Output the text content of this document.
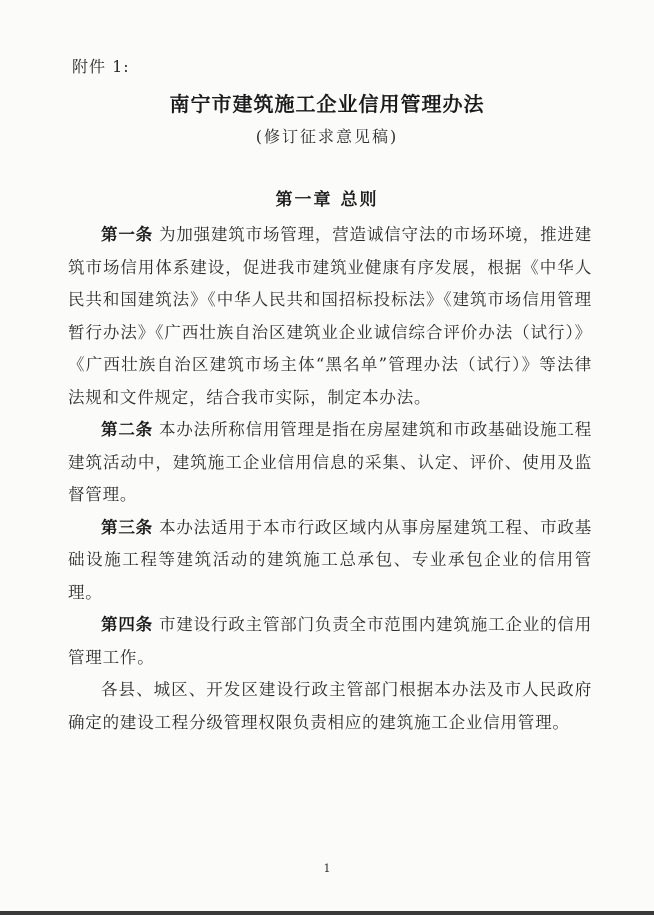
附件 1:
南宁市建筑施工企业信用管理办法
(修订征求意见稿)
第一章 总则

第一条 为加强建筑市场管理，营造诚信守法的市场环境，推进建筑市场信用体系建设，促进我市建筑业健康有序发展，根据《中华人民共和国建筑法》《中华人民共和国招标投标法》《建筑市场信用管理暂行办法》《广西壮族自治区建筑业企业诚信综合评价办法（试行）》《广西壮族自治区建筑市场主体“黑名单”管理办法（试行）》等法律法规和文件规定，结合我市实际，制定本办法。

第二条 本办法所称信用管理是指在房屋建筑和市政基础设施工程建筑活动中，建筑施工企业信用信息的采集、认定、评价、使用及监督管理。

第三条 本办法适用于本市行政区域内从事房屋建筑工程、市政基础设施工程等建筑活动的建筑施工总承包、专业承包企业的信用管理。

第四条 市建设行政主管部门负责全市范围内建筑施工企业的信用管理工作。

各县、城区、开发区建设行政主管部门根据本办法及市人民政府确定的建设工程分级管理权限负责相应的建筑施工企业信用管理。

1
